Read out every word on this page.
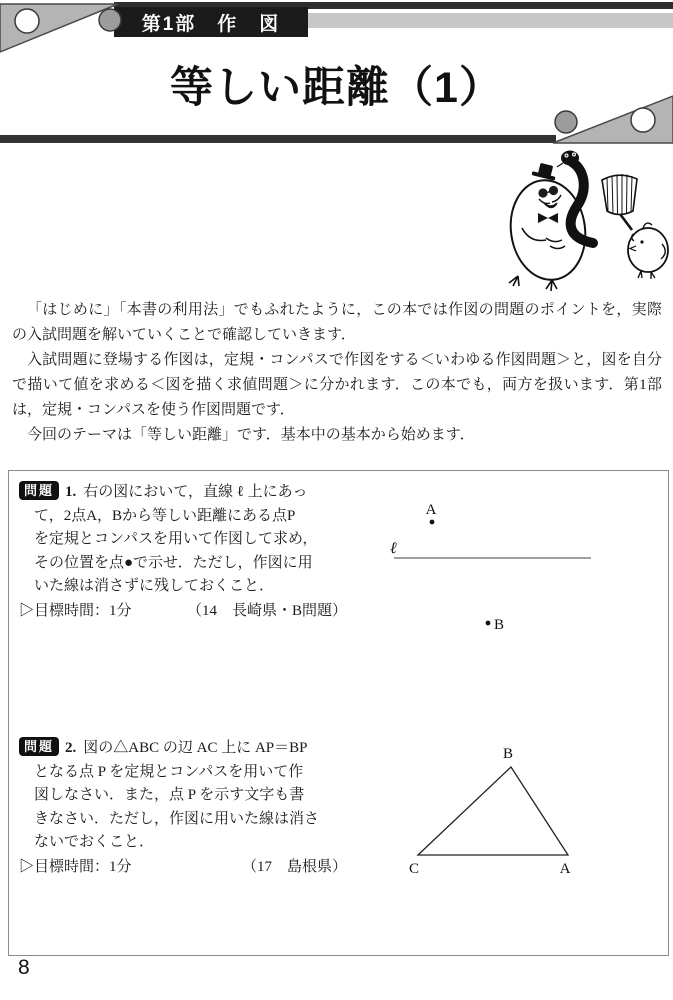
第1部　作　図
等しい距離（1）

「はじめに」「本書の利用法」でもふれたように，この本では作図の問題のポイントを，実際の入試問題を解いていくことで確認していきます．

入試問題に登場する作図は，定規・コンパスで作図をする＜いわゆる作図問題＞と，図を自分で描いて値を求める＜図を描く求値問題＞に分かれます．この本でも，両方を扱います．第1部は，定規・コンパスを使う作図問題です．

今回のテーマは「等しい距離」です．基本中の基本から始めます．

問題 1. 右の図において，直線 ℓ 上にあっ
て，2点A，Bから等しい距離にある点P
を定規とコンパスを用いて作図して求め，
その位置を点●で示せ．ただし，作図に用
いた線は消さずに残しておくこと．
▷目標時間：1分	（14　長崎県・B問題）
A
ℓ
B
問題 2. 図の△ABC の辺 AC 上に AP＝BP
となる点 P を定規とコンパスを用いて作
図しなさい．また，点 P を示す文字も書
きなさい．ただし，作図に用いた線は消さ
ないでおくこと．
▷目標時間：1分	（17　島根県）
B
C	A
8
